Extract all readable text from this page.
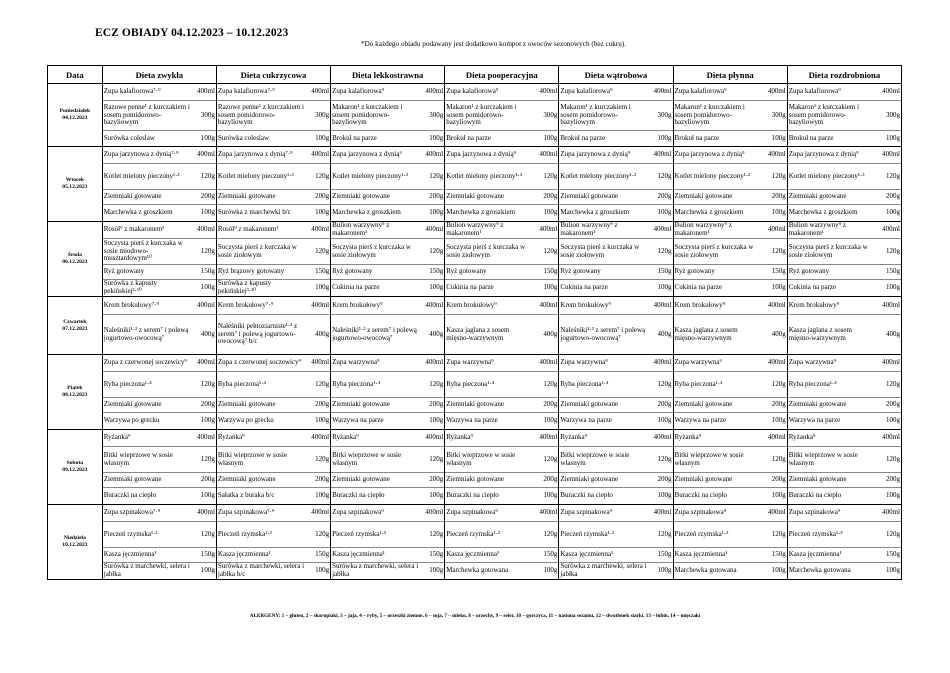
ECZ OBIADY 04.12.2023 – 10.12.2023
*Do każdego obiadu podawany jest dodatkowo kompot z owoców sezonowych (bez cukru).
Data	Dieta zwykła		Dieta cukrzycowa		Dieta lekkostrawna		Dieta pooperacyjna		Dieta wątrobowa		Dieta płynna		Dieta rozdrobniona	

Poniedziałek
04.12.2023	Zupa kalafiorowa⁷·⁹	400ml	Zupa kalafiorowa⁷·⁹	400ml	Zupa kalafiorowa⁹	400ml	Zupa kalafiorowa⁹	400ml	Zupa kalafiorowa⁹	400ml	Zupa kalafiorowa⁹	400ml	Zupa kalafiorowa⁹	400ml
	Razowe penne¹ z kurczakiem i sosem pomidorowo-bazyliowym	300g	Razowe penne¹ z kurczakiem i sosem pomidorowo-bazyliowym	300g	Makaron¹ z kurczakiem i sosem pomidorowo-bazyliowym	300g	Makaron¹ z kurczakiem i sosem pomidorowo-bazyliowym	300g	Makaron¹ z kurczakiem i sosem pomidorowo-bazyliowym	300g	Makaron¹ z kurczakiem i sosem pomidorowo-bazyliowym	300g	Makaron¹ z kurczakiem i sosem pomidorowo-bazyliowym	300g
	Surówka coleslaw	100g	Surówka coleslaw	100g	Brokuł na parze	100g	Brokuł na parze	100g	Brokuł na parze	100g	Brokuł na parze	100g	Brokuł na parze	100g

Wtorek
05.12.2023	Zupa jarzynowa z dynią⁷·⁹	400ml	Zupa jarzynowa z dynią⁷·⁹	400ml	Zupa jarzynowa z dynią⁹	400ml	Zupa jarzynowa z dynią⁹	400ml	Zupa jarzynowa z dynią⁹	400ml	Zupa jarzynowa z dynią⁹	400ml	Zupa jarzynowa z dynią⁹	400ml
	Kotlet mielony pieczony¹·³	120g	Kotlet mielony pieczony¹·³	120g	Kotlet mielony pieczony¹·³	120g	Kotlet mielony pieczony¹·³	120g	Kotlet mielony pieczony¹·³	120g	Kotlet mielony pieczony¹·³	120g	Kotlet mielony pieczony¹·³	120g
	Ziemniaki gotowane	200g	Ziemniaki gotowane	200g	Ziemniaki gotowane	200g	Ziemniaki gotowane	200g	Ziemniaki gotowane	200g	Ziemniaki gotowane	200g	Ziemniaki gotowane	200g
	Marchewka z groszkiem	100g	Surówka z marchewki b/c	100g	Marchewka z groszkiem	100g	Marchewka z groszkiem	100g	Marchewka z groszkiem	100g	Marchewka z groszkiem	100g	Marchewka z groszkiem	100g

Środa
06.12.2023	Rosół⁹ z makaronem¹	400ml	Rosół⁹ z makaronem¹	400ml	Bulion warzywny⁹ z makaronem¹	400ml	Bulion warzywny⁹ z makaronem¹	400ml	Bulion warzywny⁹ z makaronem¹	400ml	Bulion warzywny⁹ z makaronem¹	400ml	Bulion warzywny⁹ z makaronem¹	400ml
	Soczysta pierś z kurczaka w sosie miodowo-musztardowym¹⁰	120g	Soczysta pierś z kurczaka w sosie ziołowym	120g	Soczysta pierś z kurczaka w sosie ziołowym	120g	Soczysta pierś z kurczaka w sosie ziołowym	120g	Soczysta pierś z kurczaka w sosie ziołowym	120g	Soczysta pierś z kurczaka w sosie ziołowym	120g	Soczysta pierś z kurczaka w sosie ziołowym	120g
	Ryż gotowany	150g	Ryż brązowy gotowany	150g	Ryż gotowany	150g	Ryż gotowany	150g	Ryż gotowany	150g	Ryż gotowany	150g	Ryż gotowany	150g
	Surówka z kapusty pekińskiej³·¹⁰	100g	Surówka z kapusty pekińskiej³·¹⁰	100g	Cukinia na parze	100g	Cukinia na parze	100g	Cukinia na parze	100g	Cukinia na parze	100g	Cukinia na parze	100g

Czwartek
07.12.2023	Krem brokułowy⁷·⁹	400ml	Krem brokułowy⁷·⁹	400ml	Krem brokułowy⁹	400ml	Krem brokułowy⁹	400ml	Krem brokułowy⁹	400ml	Krem brokułowy⁹	400ml	Krem brokułowy⁹	400ml
	Naleśniki¹·³ z serem⁷ i polewą jogurtowo-owocową⁷	400g	Naleśniki pełnoziarniste¹·³ z serem⁷ i polewą jogurtowo-owocową⁷ b/c	400g	Naleśniki¹·³ z serem⁷ i polewą jogurtowo-owocową⁷	400g	Kasza jaglana z sosem mięsno-warzywnym	400g	Naleśniki¹·³ z serem⁷ i polewą jogurtowo-owocową⁷	400g	Kasza jaglana z sosem mięsno-warzywnym	400g	Kasza jaglana z sosem mięsno-warzywnym	400g

Piątek
08.12.2023	Zupa z czerwonej soczewicy⁹	400ml	Zupa z czerwonej soczewicy⁹	400ml	Zupa warzywna⁹	400ml	Zupa warzywna⁹	400ml	Zupa warzywna⁹	400ml	Zupa warzywna⁹	400ml	Zupa warzywna⁹	400ml
	Ryba pieczona¹·⁴	120g	Ryba pieczona¹·⁴	120g	Ryba pieczona¹·⁴	120g	Ryba pieczona¹·⁴	120g	Ryba pieczona¹·⁴	120g	Ryba pieczona¹·⁴	120g	Ryba pieczona¹·⁴	120g
	Ziemniaki gotowane	200g	Ziemniaki gotowane	200g	Ziemniaki gotowane	200g	Ziemniaki gotowane	200g	Ziemniaki gotowane	200g	Ziemniaki gotowane	200g	Ziemniaki gotowane	200g
	Warzywa po grecku	100g	Warzywa po grecku	100g	Warzywa na parze	100g	Warzywa na parze	100g	Warzywa na parze	100g	Warzywa na parze	100g	Warzywa na parze	100g

Sobota
09.12.2023	Ryżanka⁹	400ml	Ryżanka⁹	400ml	Ryżanka⁹	400ml	Ryżanka⁹	400ml	Ryżanka⁹	400ml	Ryżanka⁹	400ml	Ryżanka⁹	400ml
	Bitki wieprzowe w sosie własnym	120g	Bitki wieprzowe w sosie własnym	120g	Bitki wieprzowe w sosie własnym	120g	Bitki wieprzowe w sosie własnym	120g	Bitki wieprzowe w sosie własnym	120g	Bitki wieprzowe w sosie własnym	120g	Bitki wieprzowe w sosie własnym	120g
	Ziemniaki gotowane	200g	Ziemniaki gotowane	200g	Ziemniaki gotowane	200g	Ziemniaki gotowane	200g	Ziemniaki gotowane	200g	Ziemniaki gotowane	200g	Ziemniaki gotowane	200g
	Buraczki na ciepło	100g	Sałatka z buraka b/c	100g	Buraczki na ciepło	100g	Buraczki na ciepło	100g	Buraczki na ciepło	100g	Buraczki na ciepło	100g	Buraczki na ciepło	100g

Niedziela
10.12.2023	Zupa szpinakowa⁷·⁹	400ml	Zupa szpinakowa⁷·⁹	400ml	Zupa szpinakowa⁹	400ml	Zupa szpinakowa⁹	400ml	Zupa szpinakowa⁹	400ml	Zupa szpinakowa⁹	400ml	Zupa szpinakowa⁹	400ml
	Pieczeń rzymska¹·³	120g	Pieczeń rzymska¹·³	120g	Pieczeń rzymska¹·³	120g	Pieczeń rzymska¹·³	120g	Pieczeń rzymska¹·³	120g	Pieczeń rzymska¹·³	120g	Pieczeń rzymska¹·³	120g
	Kasza jęczmienna¹	150g	Kasza jęczmienna¹	150g	Kasza jęczmienna¹	150g	Kasza jęczmienna¹	150g	Kasza jęczmienna¹	150g	Kasza jęczmienna¹	150g	Kasza jęczmienna¹	150g
	Surówka z marchewki, selera i jabłka	100g	Surówka z marchewki, selera i jabłka b/c	100g	Surówka z marchewki, selera i jabłka	100g	Marchewka gotowana	100g	Surówka z marchewki, selera i jabłka	100g	Marchewka gotowana	100g	Marchewka gotowana	100g
ALERGENY: 1 – gluten, 2 – skorupiaki, 3 – jaja, 4 – ryby, 5 – orzeszki ziemne, 6 – soja, 7 – mleko, 8 – orzechy, 9 – seler, 10 – gorczyca, 11 – nasiona sezamu, 12 – dwutlenek siarki, 13 – łubin, 14 – mięczaki
